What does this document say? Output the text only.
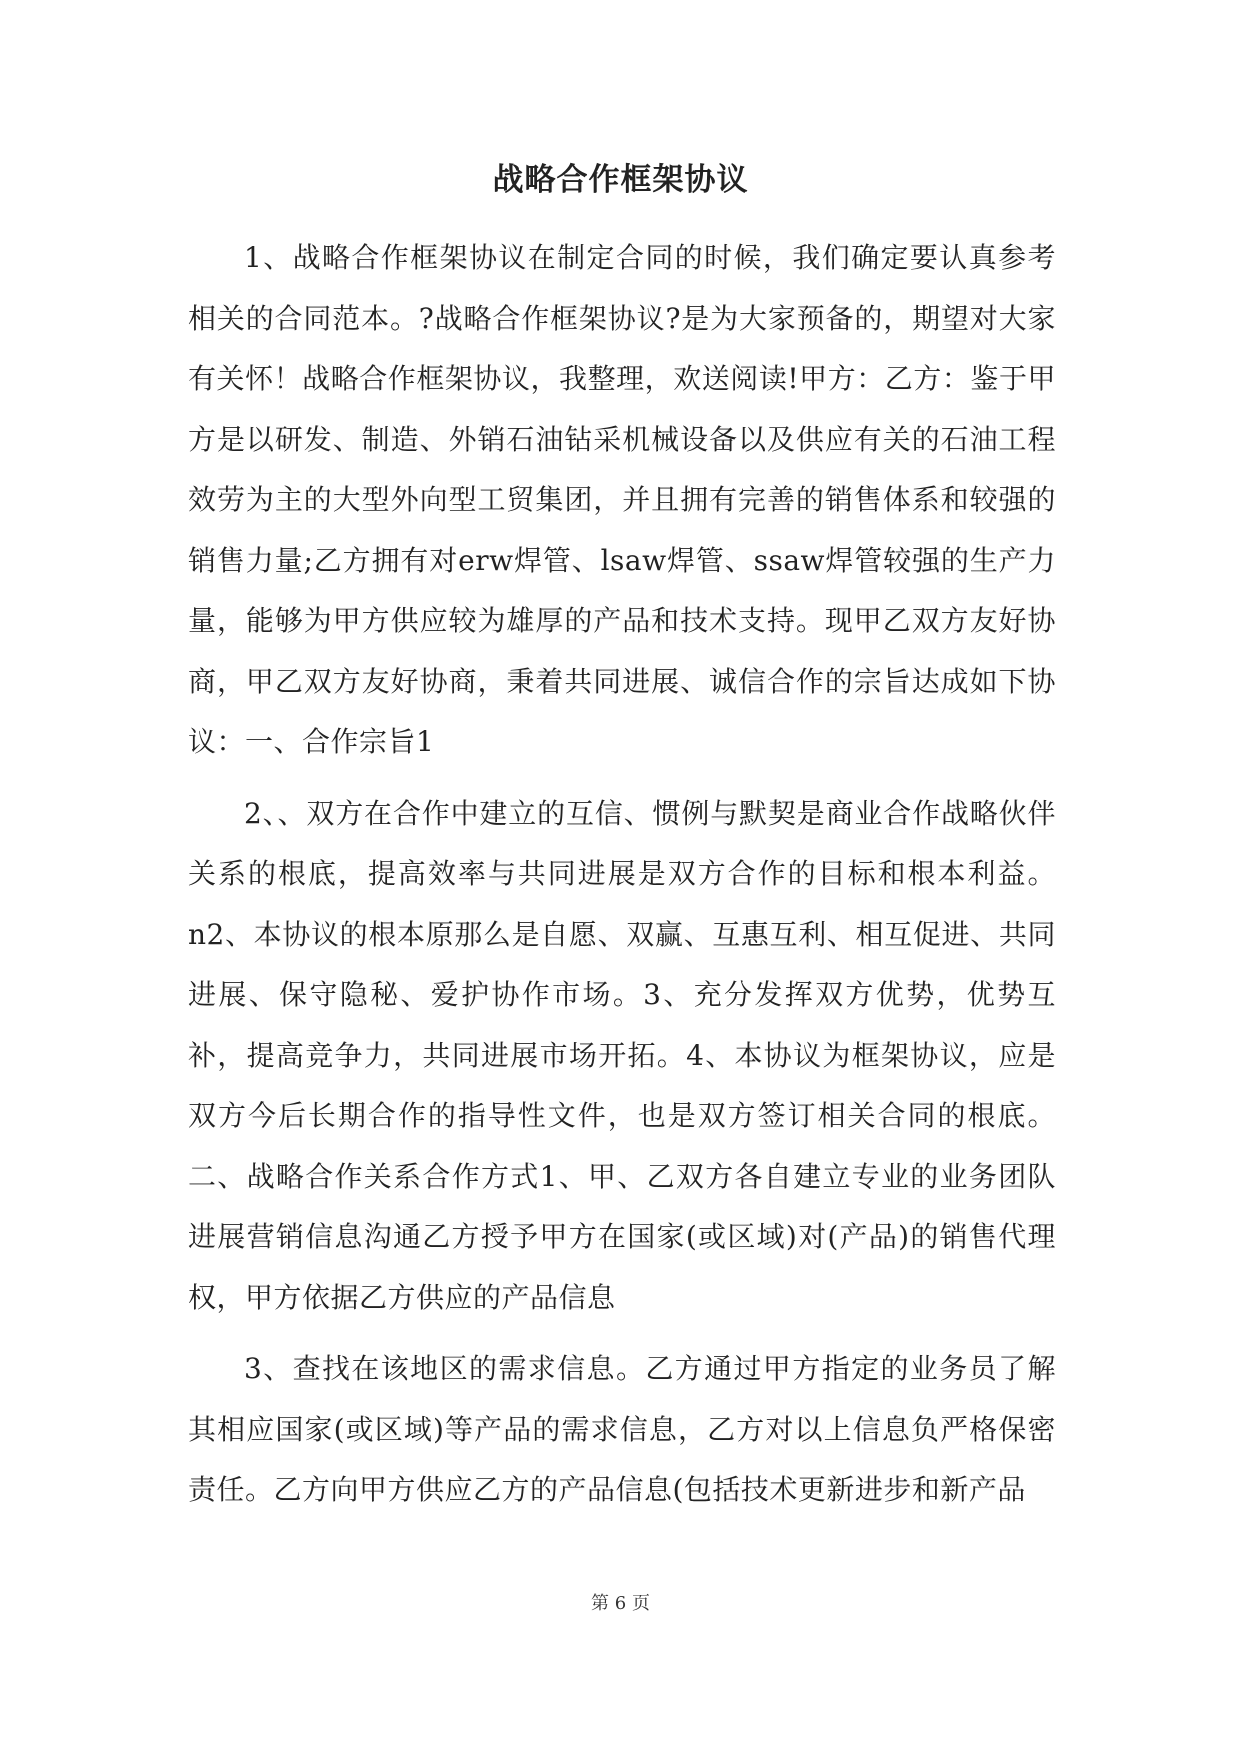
战略合作框架协议

1、战略合作框架协议在制定合同的时候，我们确定要认真参考相关的合同范本。?战略合作框架协议?是为大家预备的，期望对大家有关怀！战略合作框架协议，我整理，欢送阅读!甲方：乙方：鉴于甲方是以研发、制造、外销石油钻采机械设备以及供应有关的石油工程效劳为主的大型外向型工贸集团，并且拥有完善的销售体系和较强的销售力量;乙方拥有对erw焊管、lsaw焊管、ssaw焊管较强的生产力量，能够为甲方供应较为雄厚的产品和技术支持。现甲乙双方友好协商，甲乙双方友好协商，秉着共同进展、诚信合作的宗旨达成如下协议：一、合作宗旨1

2、、双方在合作中建立的互信、惯例与默契是商业合作战略伙伴关系的根底，提高效率与共同进展是双方合作的目标和根本利益。n2、本协议的根本原那么是自愿、双赢、互惠互利、相互促进、共同进展、保守隐秘、爱护协作市场。3、充分发挥双方优势，优势互补，提高竞争力，共同进展市场开拓。4、本协议为框架协议，应是双方今后长期合作的指导性文件，也是双方签订相关合同的根底。二、战略合作关系合作方式1、甲、乙双方各自建立专业的业务团队进展营销信息沟通乙方授予甲方在国家(或区域)对(产品)的销售代理权，甲方依据乙方供应的产品信息

3、查找在该地区的需求信息。乙方通过甲方指定的业务员了解其相应国家(或区域)等产品的需求信息，乙方对以上信息负严格保密责任。乙方向甲方供应乙方的产品信息(包括技术更新进步和新产品

第 6 页
